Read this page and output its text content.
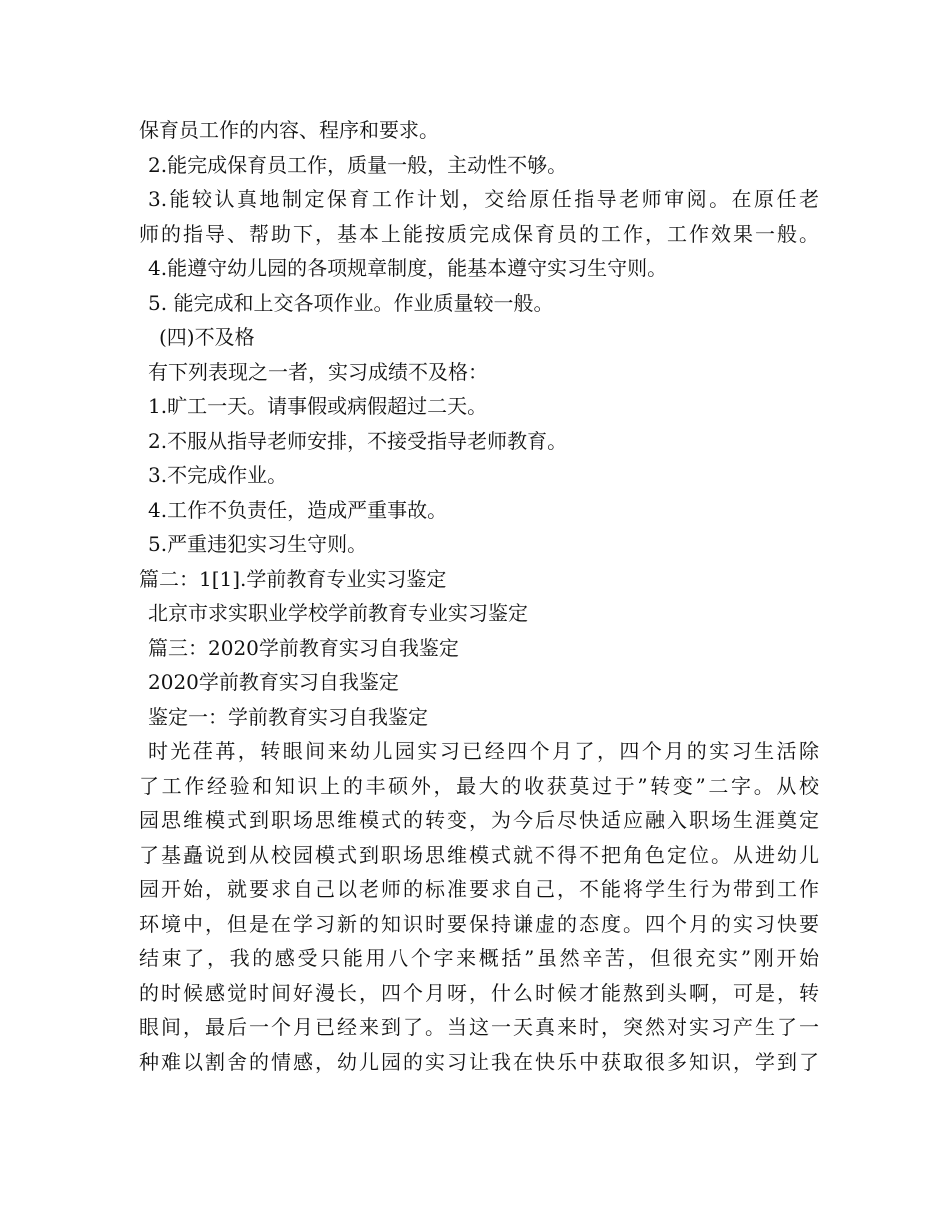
保育员工作的内容、程序和要求。
2.能完成保育员工作，质量一般，主动性不够。
3.能较认真地制定保育工作计划，交给原任指导老师审阅。在原任老
师的指导、帮助下，基本上能按质完成保育员的工作，工作效果一般。
4.能遵守幼儿园的各项规章制度，能基本遵守实习生守则。
5. 能完成和上交各项作业。作业质量较一般。
(四)不及格
有下列表现之一者，实习成绩不及格：
1.旷工一天。请事假或病假超过二天。
2.不服从指导老师安排，不接受指导老师教育。
3.不完成作业。
4.工作不负责任，造成严重事故。
5.严重违犯实习生守则。
篇二：1[1].学前教育专业实习鉴定
北京市求实职业学校学前教育专业实习鉴定
篇三：2020学前教育实习自我鉴定
2020学前教育实习自我鉴定
鉴定一：学前教育实习自我鉴定
时光荏苒，转眼间来幼儿园实习已经四个月了，四个月的实习生活除
了工作经验和知识上的丰硕外，最大的收获莫过于”转变”二字。从校
园思维模式到职场思维模式的转变，为今后尽快适应融入职场生涯奠定
了基矗说到从校园模式到职场思维模式就不得不把角色定位。从进幼儿
园开始，就要求自己以老师的标准要求自己，不能将学生行为带到工作
环境中，但是在学习新的知识时要保持谦虚的态度。四个月的实习快要
结束了，我的感受只能用八个字来概括”虽然辛苦，但很充实”刚开始
的时候感觉时间好漫长，四个月呀，什么时候才能熬到头啊，可是，转
眼间，最后一个月已经来到了。当这一天真来时，突然对实习产生了一
种难以割舍的情感，幼儿园的实习让我在快乐中获取很多知识，学到了
